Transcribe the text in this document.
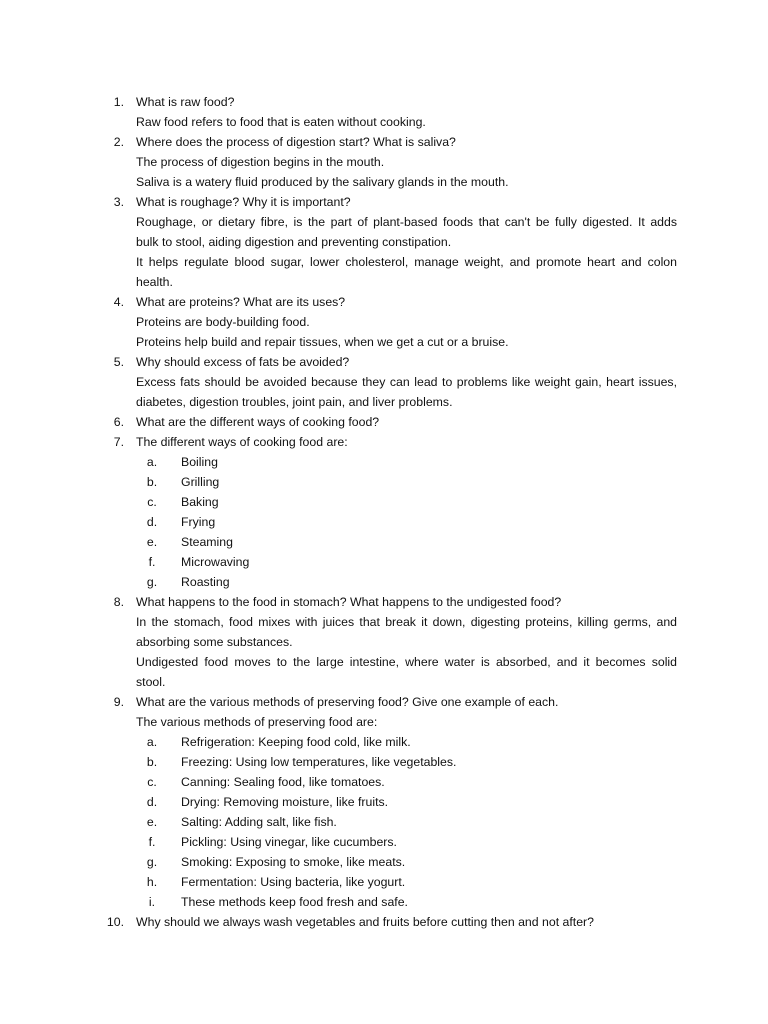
1. What is raw food?
Raw food refers to food that is eaten without cooking.
2. Where does the process of digestion start? What is saliva?
The process of digestion begins in the mouth.
Saliva is a watery fluid produced by the salivary glands in the mouth.
3. What is roughage? Why it is important?
Roughage, or dietary fibre, is the part of plant-based foods that can't be fully digested. It adds
bulk to stool, aiding digestion and preventing constipation.
It helps regulate blood sugar, lower cholesterol, manage weight, and promote heart and colon
health.
4. What are proteins? What are its uses?
Proteins are body-building food.
Proteins help build and repair tissues, when we get a cut or a bruise.
5. Why should excess of fats be avoided?
Excess fats should be avoided because they can lead to problems like weight gain, heart issues,
diabetes, digestion troubles, joint pain, and liver problems.
6. What are the different ways of cooking food?
7. The different ways of cooking food are:
a.	Boiling
b.	Grilling
c.	Baking
d.	Frying
e.	Steaming
f.	Microwaving
g.	Roasting
8. What happens to the food in stomach? What happens to the undigested food?
In the stomach, food mixes with juices that break it down, digesting proteins, killing germs, and
absorbing some substances.
Undigested food moves to the large intestine, where water is absorbed, and it becomes solid
stool.
9. What are the various methods of preserving food? Give one example of each.
The various methods of preserving food are:
a.	Refrigeration: Keeping food cold, like milk.
b.	Freezing: Using low temperatures, like vegetables.
c.	Canning: Sealing food, like tomatoes.
d.	Drying: Removing moisture, like fruits.
e.	Salting: Adding salt, like fish.
f.	Pickling: Using vinegar, like cucumbers.
g.	Smoking: Exposing to smoke, like meats.
h.	Fermentation: Using bacteria, like yogurt.
i.	These methods keep food fresh and safe.
10. Why should we always wash vegetables and fruits before cutting then and not after?
